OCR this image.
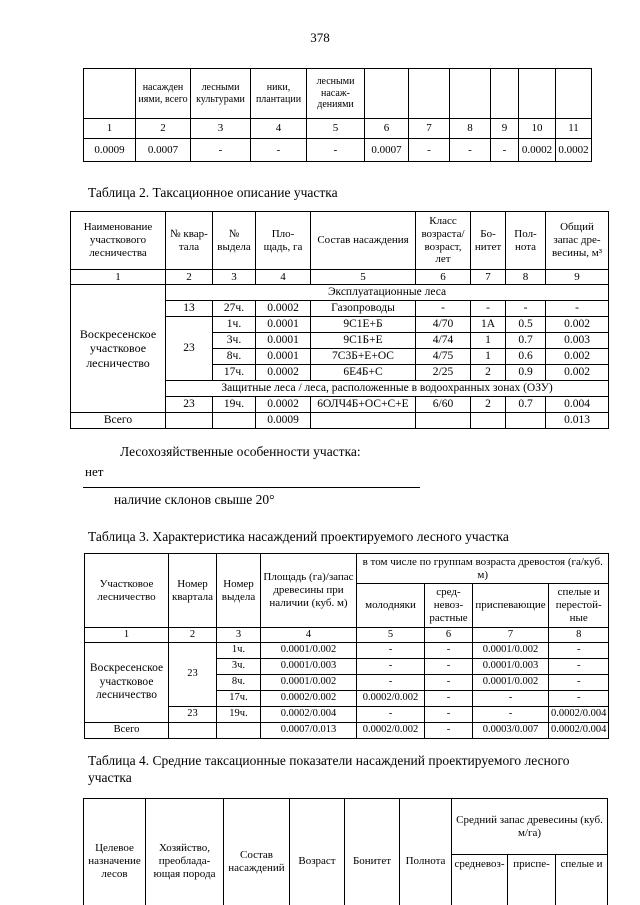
378
	насажден иями, всего	лесными культурами	ники, плантации	лесными насаж- дениями						
1	2	3	4	5	6	7	8	9	10	11
0.0009	0.0007	-	-	-	0.0007	-	-	-	0.0002	0.0002
Таблица 2. Таксационное описание участка
Наименование участкового лесничества	№ квар- тала	№ выдела	Пло- щадь, га	Состав насаждения	Класс возраста/ возраст, лет	Бо- нитет	Пол- нота	Общий запас дре- весины, м³
1	2	3	4	5	6	7	8	9
Воскресенское участковое лесничество	Эксплуатационные леса							
	13	27ч.	0.0002	Газопроводы	-	-	-	-
	23	1ч.	0.0001	9С1Е+Б	4/70	1А	0.5	0.002
		3ч.	0.0001	9С1Б+Е	4/74	1	0.7	0.003
		8ч.	0.0001	7С3Б+Е+ОС	4/75	1	0.6	0.002
		17ч.	0.0002	6Е4Б+С	2/25	2	0.9	0.002
	Защитные леса / леса, расположенные в водоохранных зонах (ОЗУ)							
	23	19ч.	0.0002	6ОЛЧ4Б+ОС+С+Е	6/60	2	0.7	0.004
Всего			0.0009					0.013
Лесохозяйственные особенности участка:
нет
наличие склонов свыше 20°
Таблица 3. Характеристика насаждений проектируемого лесного участка
Участковое лесничество	Номер квартала	Номер выдела	Площадь (га)/запас древесины при наличии (куб. м)	в том числе по группам возраста древостоя (га/куб. м)			
				молодняки	сред- невоз- растные	приспевающие	спелые и перестой- ные
1	2	3	4	5	6	7	8
Воскресенское участковое лесничество	23	1ч.	0.0001/0.002	-	-	0.0001/0.002	-
		3ч.	0.0001/0.003	-	-	0.0001/0.003	-
		8ч.	0.0001/0.002	-	-	0.0001/0.002	-
		17ч.	0.0002/0.002	0.0002/0.002	-	-	-
	23	19ч.	0.0002/0.004	-	-	-	0.0002/0.004
Всего			0.0007/0.013	0.0002/0.002	-	0.0003/0.007	0.0002/0.004
Таблица 4. Средние таксационные показатели насаждений проектируемого лесного участка
Целевое назначение лесов	Хозяйство, преоблада- ющая порода	Состав насаждений	Возраст	Бонитет	Полнота	Средний запас древесины (куб. м/га)		
						средневоз-	приспе-	спелые и
